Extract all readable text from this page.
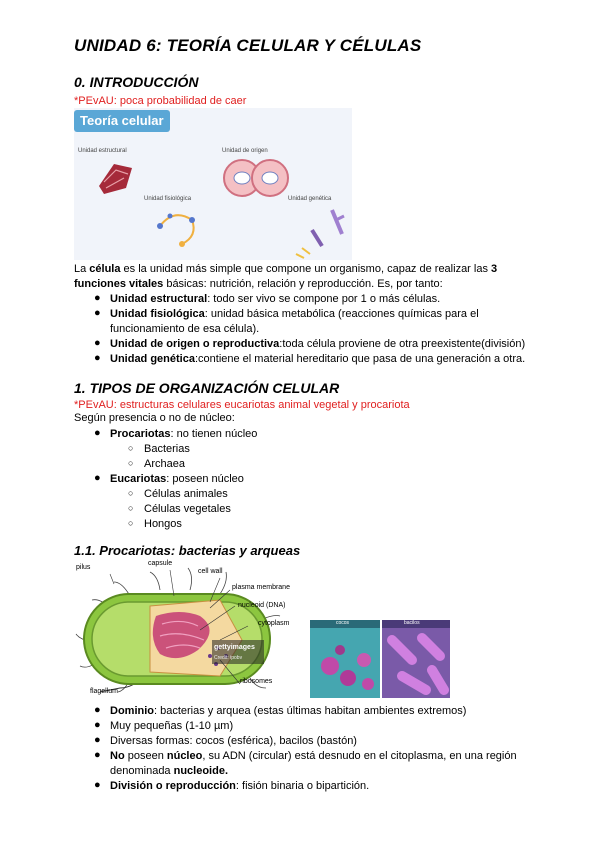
UNIDAD 6: TEORÍA CELULAR Y CÉLULAS
0. INTRODUCCIÓN
*PEvAU: poca probabilidad de caer
Teoría celular
Unidad estructural	Unidad de origen
Unidad fisiológica	Unidad genética
La célula es la unidad más simple que compone un organismo, capaz de realizar las 3
funciones vitales básicas: nutrición, relación y reproducción. Es, por tanto:
● Unidad estructural: todo ser vivo se compone por 1 o más células.
● Unidad fisiológica: unidad básica metabólica (reacciones químicas para el
funcionamiento de esa célula).
● Unidad de origen o reproductiva:toda célula proviene de otra preexistente(división)
● Unidad genética:contiene el material hereditario que pasa de una generación a otra.
1. TIPOS DE ORGANIZACIÓN CELULAR
*PEvAU: estructuras celulares eucariotas animal vegetal y procariota
Según presencia o no de núcleo:
● Procariotas: no tienen núcleo
○ Bacterias
○ Archaea
● Eucariotas: poseen núcleo
○ Células animales
○ Células vegetales
○ Hongos
1.1. Procariotas: bacterias y arqueas
pilus
capsule
cell wall
plasma membrane
nucleoid (DNA)
cytoplasm
ribosomes
flagellum
gettyimages
Credit: ipobv
cocos	bacilos
● Dominio: bacterias y arquea (estas últimas habitan ambientes extremos)
● Muy pequeñas (1-10 µm)
● Diversas formas: cocos (esférica), bacilos (bastón)
● No poseen núcleo, su ADN (circular) está desnudo en el citoplasma, en una región
denominada nucleoide.
● División o reproducción: fisión binaria o bipartición.
